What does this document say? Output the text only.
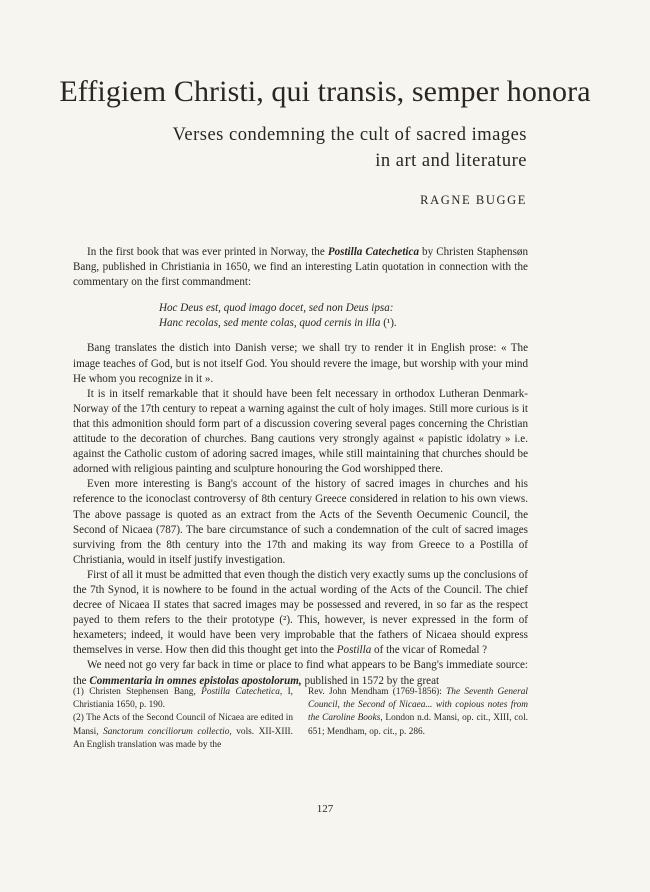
Effigiem Christi, qui transis, semper honora
Verses condemning the cult of sacred images
in art and literature
RAGNE BUGGE

In the first book that was ever printed in Norway, the Postilla Catechetica by Christen Staphensøn Bang, published in Christiania in 1650, we find an interesting Latin quotation in connection with the commentary on the first commandment:

Hoc Deus est, quod imago docet, sed non Deus ipsa:
Hanc recolas, sed mente colas, quod cernis in illa (¹).

Bang translates the distich into Danish verse; we shall try to render it in English prose: « The image teaches of God, but is not itself God. You should revere the image, but worship with your mind He whom you recognize in it ».

It is in itself remarkable that it should have been felt necessary in orthodox Lutheran Denmark-Norway of the 17th century to repeat a warning against the cult of holy images. Still more curious is it that this admonition should form part of a discussion covering several pages concerning the Christian attitude to the decoration of churches. Bang cautions very strongly against « papistic idolatry » i.e. against the Catholic custom of adoring sacred images, while still maintaining that churches should be adorned with religious painting and sculpture honouring the God worshipped there.

Even more interesting is Bang's account of the history of sacred images in churches and his reference to the iconoclast controversy of 8th century Greece considered in relation to his own views. The above passage is quoted as an extract from the Acts of the Seventh Oecumenic Council, the Second of Nicaea (787). The bare circumstance of such a condemnation of the cult of sacred images surviving from the 8th century into the 17th and making its way from Greece to a Postilla of Christiania, would in itself justify investigation.

First of all it must be admitted that even though the distich very exactly sums up the conclusions of the 7th Synod, it is nowhere to be found in the actual wording of the Acts of the Council. The chief decree of Nicaea II states that sacred images may be possessed and revered, in so far as the respect payed to them refers to the their prototype (²). This, however, is never expressed in the form of hexameters; indeed, it would have been very improbable that the fathers of Nicaea should express themselves in verse. How then did this thought get into the Postilla of the vicar of Romedal ?

We need not go very far back in time or place to find what appears to be Bang's immediate source: the Commentaria in omnes epistolas apostolorum, published in 1572 by the great

(1) Christen Stephensen Bang, Postilla Catechetica, I, Christiania 1650, p. 190.

(2) The Acts of the Second Council of Nicaea are edited in Mansi, Sanctorum conciliorum collectio, vols. XII-XIII. An English translation was made by the

Rev. John Mendham (1769-1856): The Seventh General Council, the Second of Nicaea... with copious notes from the Caroline Books, London n.d. Mansi, op. cit., XIII, col. 651; Mendham, op. cit., p. 286.

127
